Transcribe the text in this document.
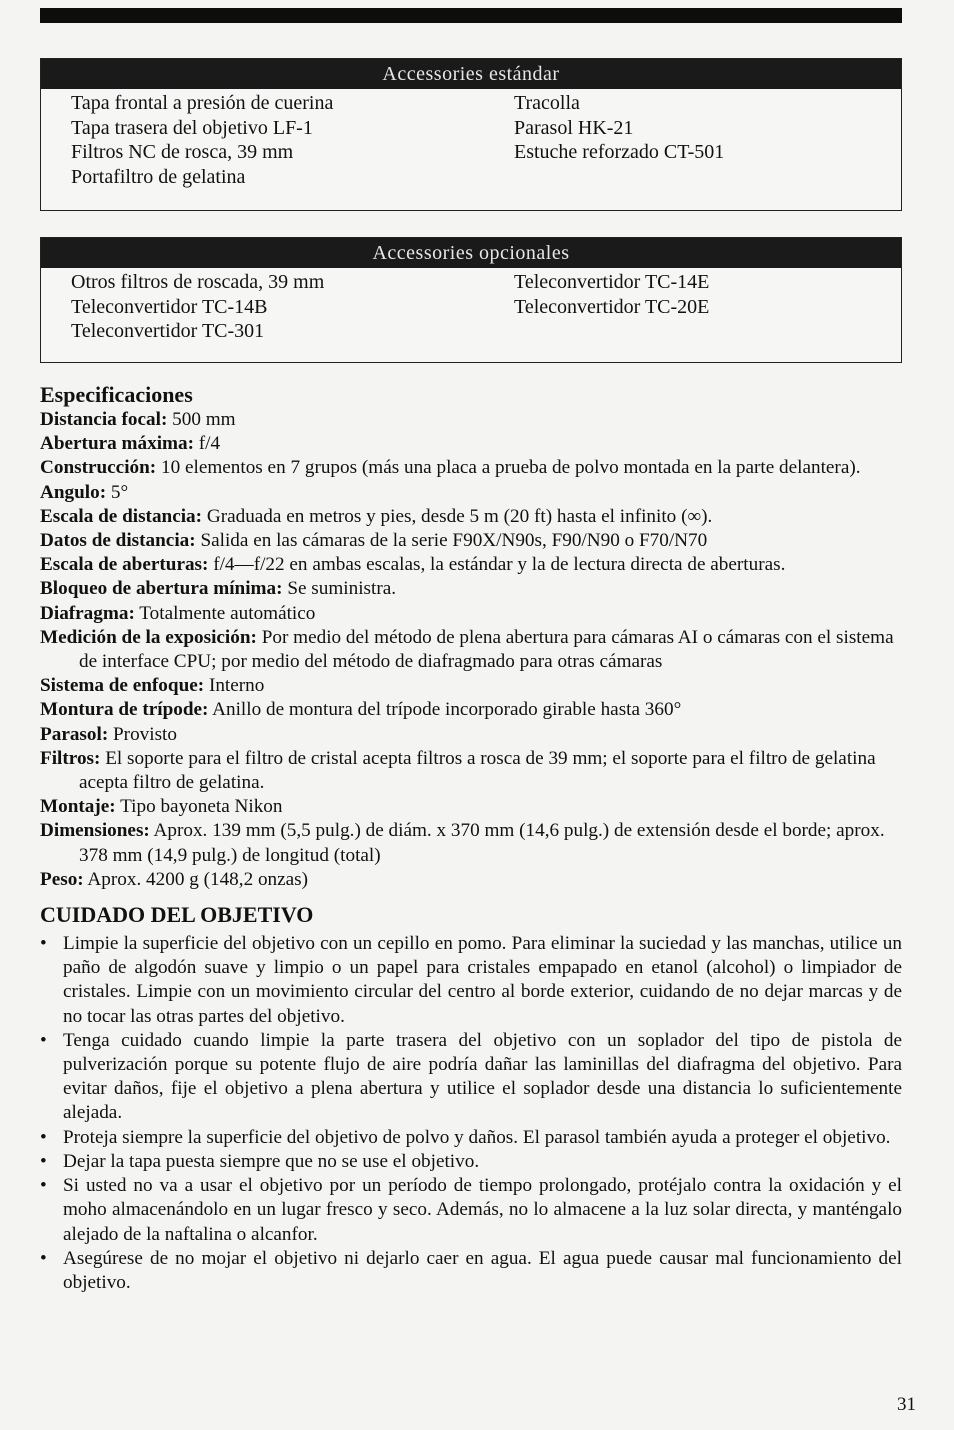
Accessories estándar
Tapa frontal a presión de cuerina
Tapa trasera del objetivo LF-1
Filtros NC de rosca, 39 mm
Portafiltro de gelatina
Tracolla
Parasol HK-21
Estuche reforzado CT-501
Accessories opcionales
Otros filtros de roscada, 39 mm
Teleconvertidor TC-14B
Teleconvertidor TC-301
Teleconvertidor TC-14E
Teleconvertidor TC-20E
Especificaciones

Distancia focal: 500 mm

Abertura máxima: f/4

Construcción: 10 elementos en 7 grupos (más una placa a prueba de polvo montada en la parte delantera).

Angulo: 5°

Escala de distancia: Graduada en metros y pies, desde 5 m (20 ft) hasta el infinito (∞).

Datos de distancia: Salida en las cámaras de la serie F90X/N90s, F90/N90 o F70/N70

Escala de aberturas: f/4—f/22 en ambas escalas, la estándar y la de lectura directa de aberturas.

Bloqueo de abertura mínima: Se suministra.

Diafragma: Totalmente automático

Medición de la exposición: Por medio del método de plena abertura para cámaras AI o cámaras con el sistema de interface CPU; por medio del método de diafragmado para otras cámaras

Sistema de enfoque: Interno

Montura de trípode: Anillo de montura del trípode incorporado girable hasta 360°

Parasol: Provisto

Filtros: El soporte para el filtro de cristal acepta filtros a rosca de 39 mm; el soporte para el filtro de gelatina acepta filtro de gelatina.

Montaje: Tipo bayoneta Nikon

Dimensiones: Aprox. 139 mm (5,5 pulg.) de diám. x 370 mm (14,6 pulg.) de extensión desde el borde; aprox. 378 mm (14,9 pulg.) de longitud (total)

Peso: Aprox. 4200 g (148,2 onzas)

CUIDADO DEL OBJETIVO
• Limpie la superficie del objetivo con un cepillo en pomo. Para eliminar la suciedad y las manchas, utilice un paño de algodón suave y limpio o un papel para cristales empapado en etanol (alcohol) o limpiador de cristales. Limpie con un movimiento circular del centro al borde exterior, cuidando de no dejar marcas y de no tocar las otras partes del objetivo.
• Tenga cuidado cuando limpie la parte trasera del objetivo con un soplador del tipo de pistola de pulverización porque su potente flujo de aire podría dañar las laminillas del diafragma del objetivo. Para evitar daños, fije el objetivo a plena abertura y utilice el soplador desde una distancia lo suficientemente alejada.
• Proteja siempre la superficie del objetivo de polvo y daños. El parasol también ayuda a proteger el objetivo.
• Dejar la tapa puesta siempre que no se use el objetivo.
• Si usted no va a usar el objetivo por un período de tiempo prolongado, protéjalo contra la oxidación y el moho almacenándolo en un lugar fresco y seco. Además, no lo almacene a la luz solar directa, y manténgalo alejado de la naftalina o alcanfor.
• Asegúrese de no mojar el objetivo ni dejarlo caer en agua. El agua puede causar mal funcionamiento del objetivo.
31
